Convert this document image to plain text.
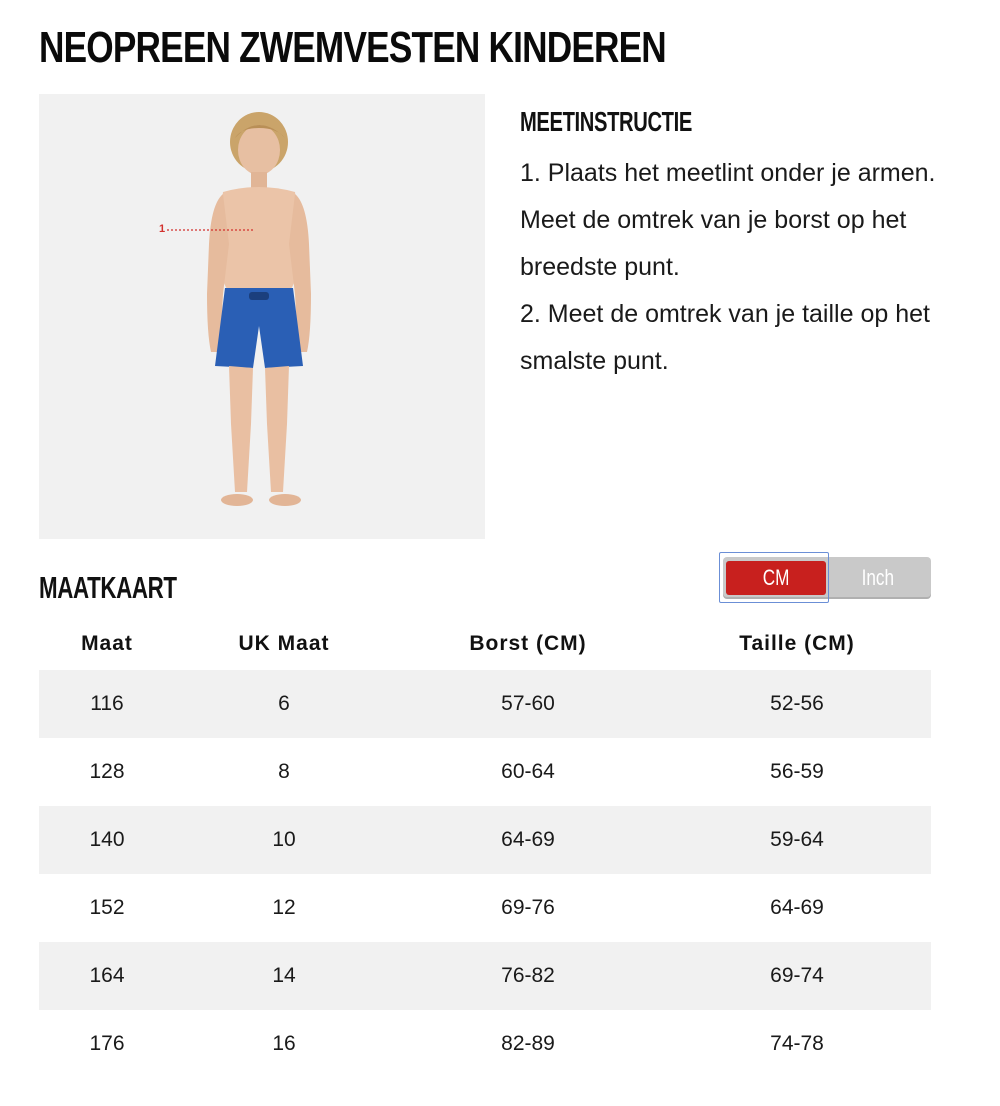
NEOPREEN ZWEMVESTEN KINDEREN
1
MEETINSTRUCTIE

1. Plaats het meetlint onder je armen. Meet de omtrek van je borst op het breedste punt.

2. Meet de omtrek van je taille op het smalste punt.

MAATKAART	CM	Inch
Maat	UK Maat	Borst (CM)	Taille (CM)
116	6	57-60	52-56
128	8	60-64	56-59
140	10	64-69	59-64
152	12	69-76	64-69
164	14	76-82	69-74
176	16	82-89	74-78
